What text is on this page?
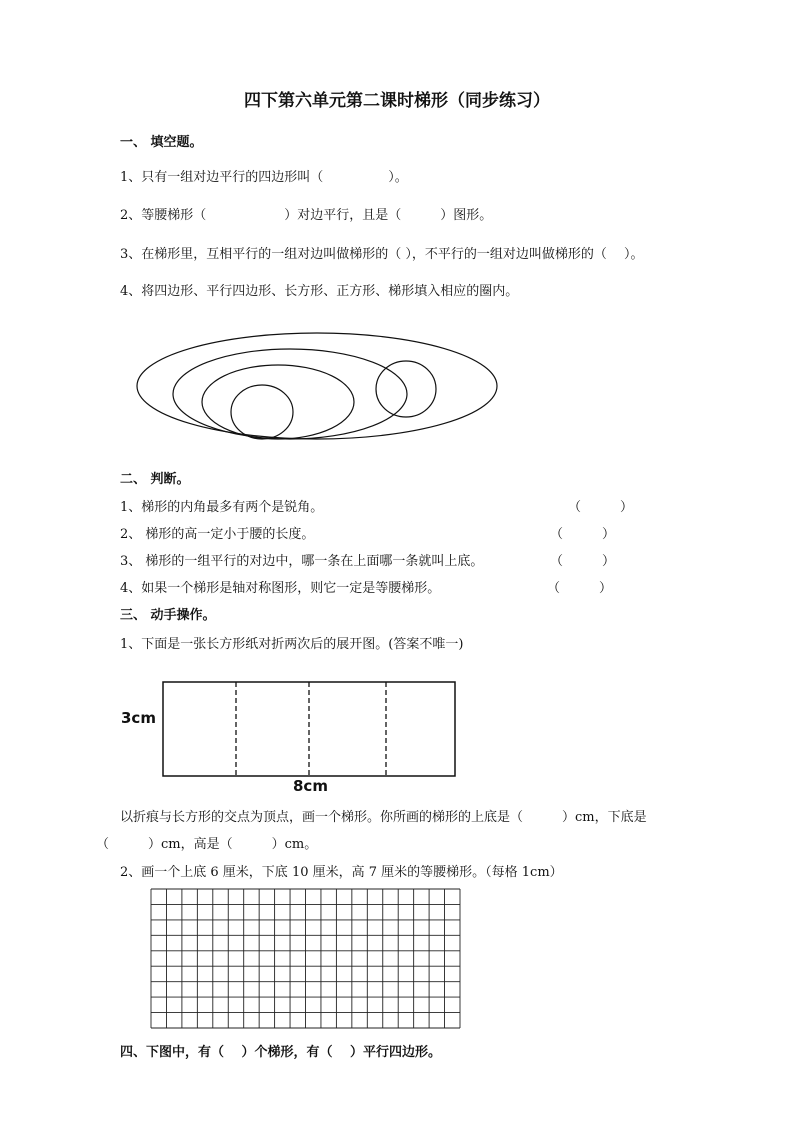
四下第六单元第二课时梯形（同步练习）
一、 填空题。
1、只有一组对边平行的四边形叫（　　　　　）。
2、等腰梯形（　　　　　　）对边平行，且是（　　　）图形。
3、在梯形里，互相平行的一组对边叫做梯形的（ ），不平行的一组对边叫做梯形的（　 ）。
4、将四边形、平行四边形、长方形、正方形、梯形填入相应的圈内。
二、 判断。
1、梯形的内角最多有两个是锐角。	（　　　）
2、 梯形的高一定小于腰的长度。	（　　　）
3、 梯形的一组平行的对边中，哪一条在上面哪一条就叫上底。	（　　　）
4、如果一个梯形是轴对称图形，则它一定是等腰梯形。	（　　　）
三、 动手操作。
1、下面是一张长方形纸对折两次后的展开图。(答案不唯一)
3cm
8cm
以折痕与长方形的交点为顶点，画一个梯形。你所画的梯形的上底是（　　　）cm，下底是
（　　　）cm，高是（　　　）cm。
2、画一个上底 6 厘米，下底 10 厘米，高 7 厘米的等腰梯形。（每格 1cm）
四、下图中，有（　 ）个梯形，有（　 ）平行四边形。
